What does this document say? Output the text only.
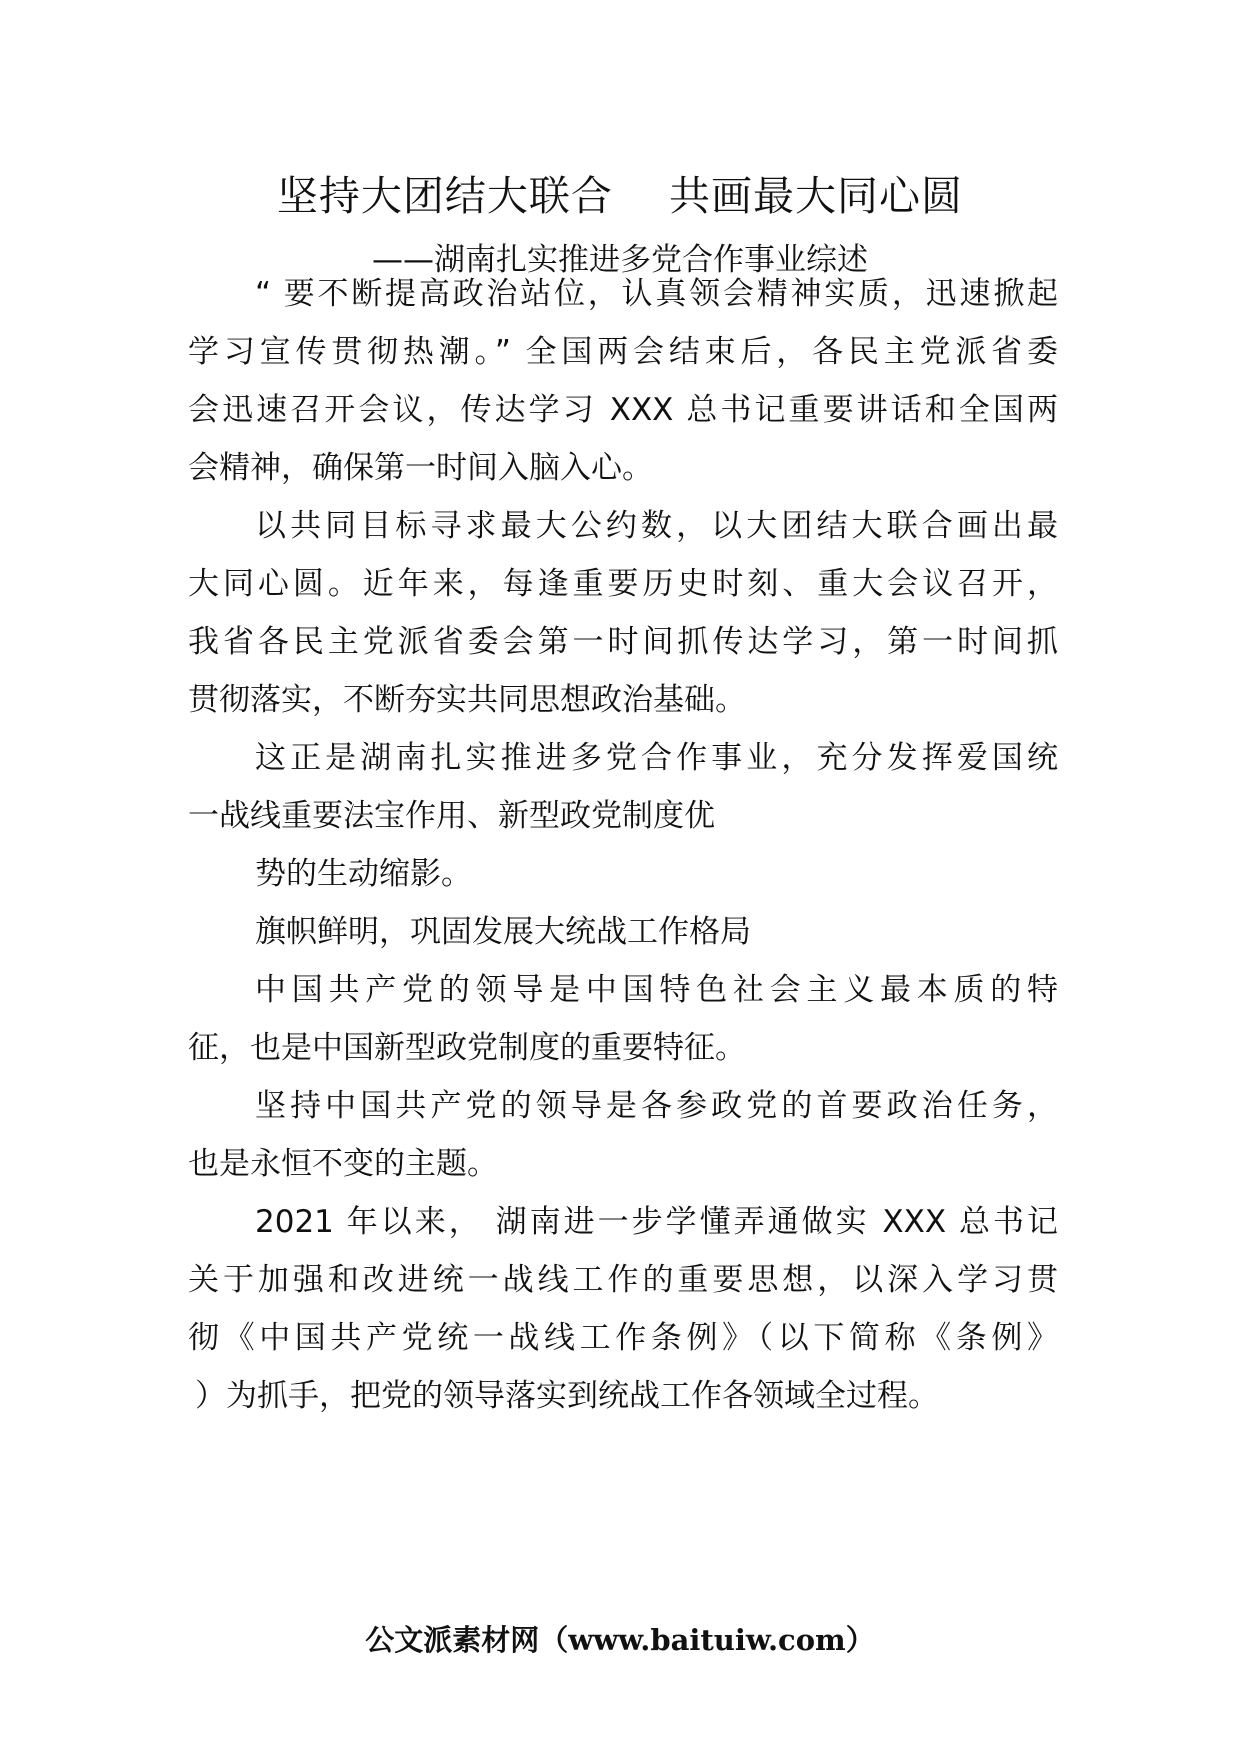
坚持大团结大联合    共画最大同心圆
——湖南扎实推进多党合作事业综述
“ 要不断提高政治站位，认真领会精神实质，迅速掀起
学习宣传贯彻热潮。” 全国两会结束后，各民主党派省委
会迅速召开会议，传达学习 XXX 总书记重要讲话和全国两
会精神，确保第一时间入脑入心。
以共同目标寻求最大公约数，以大团结大联合画出最
大同心圆。近年来，每逢重要历史时刻、重大会议召开，
我省各民主党派省委会第一时间抓传达学习，第一时间抓
贯彻落实，不断夯实共同思想政治基础。
这正是湖南扎实推进多党合作事业，充分发挥爱国统
一战线重要法宝作用、新型政党制度优
势的生动缩影。
旗帜鲜明，巩固发展大统战工作格局
中国共产党的领导是中国特色社会主义最本质的特
征，也是中国新型政党制度的重要特征。
坚持中国共产党的领导是各参政党的首要政治任务，
也是永恒不变的主题。
2021 年以来， 湖南进一步学懂弄通做实 XXX 总书记
关于加强和改进统一战线工作的重要思想，以深入学习贯
彻《中国共产党统一战线工作条例》（以下简称《条例》
）为抓手，把党的领导落实到统战工作各领域全过程。
公文派素材网（www.baituiw.com）
